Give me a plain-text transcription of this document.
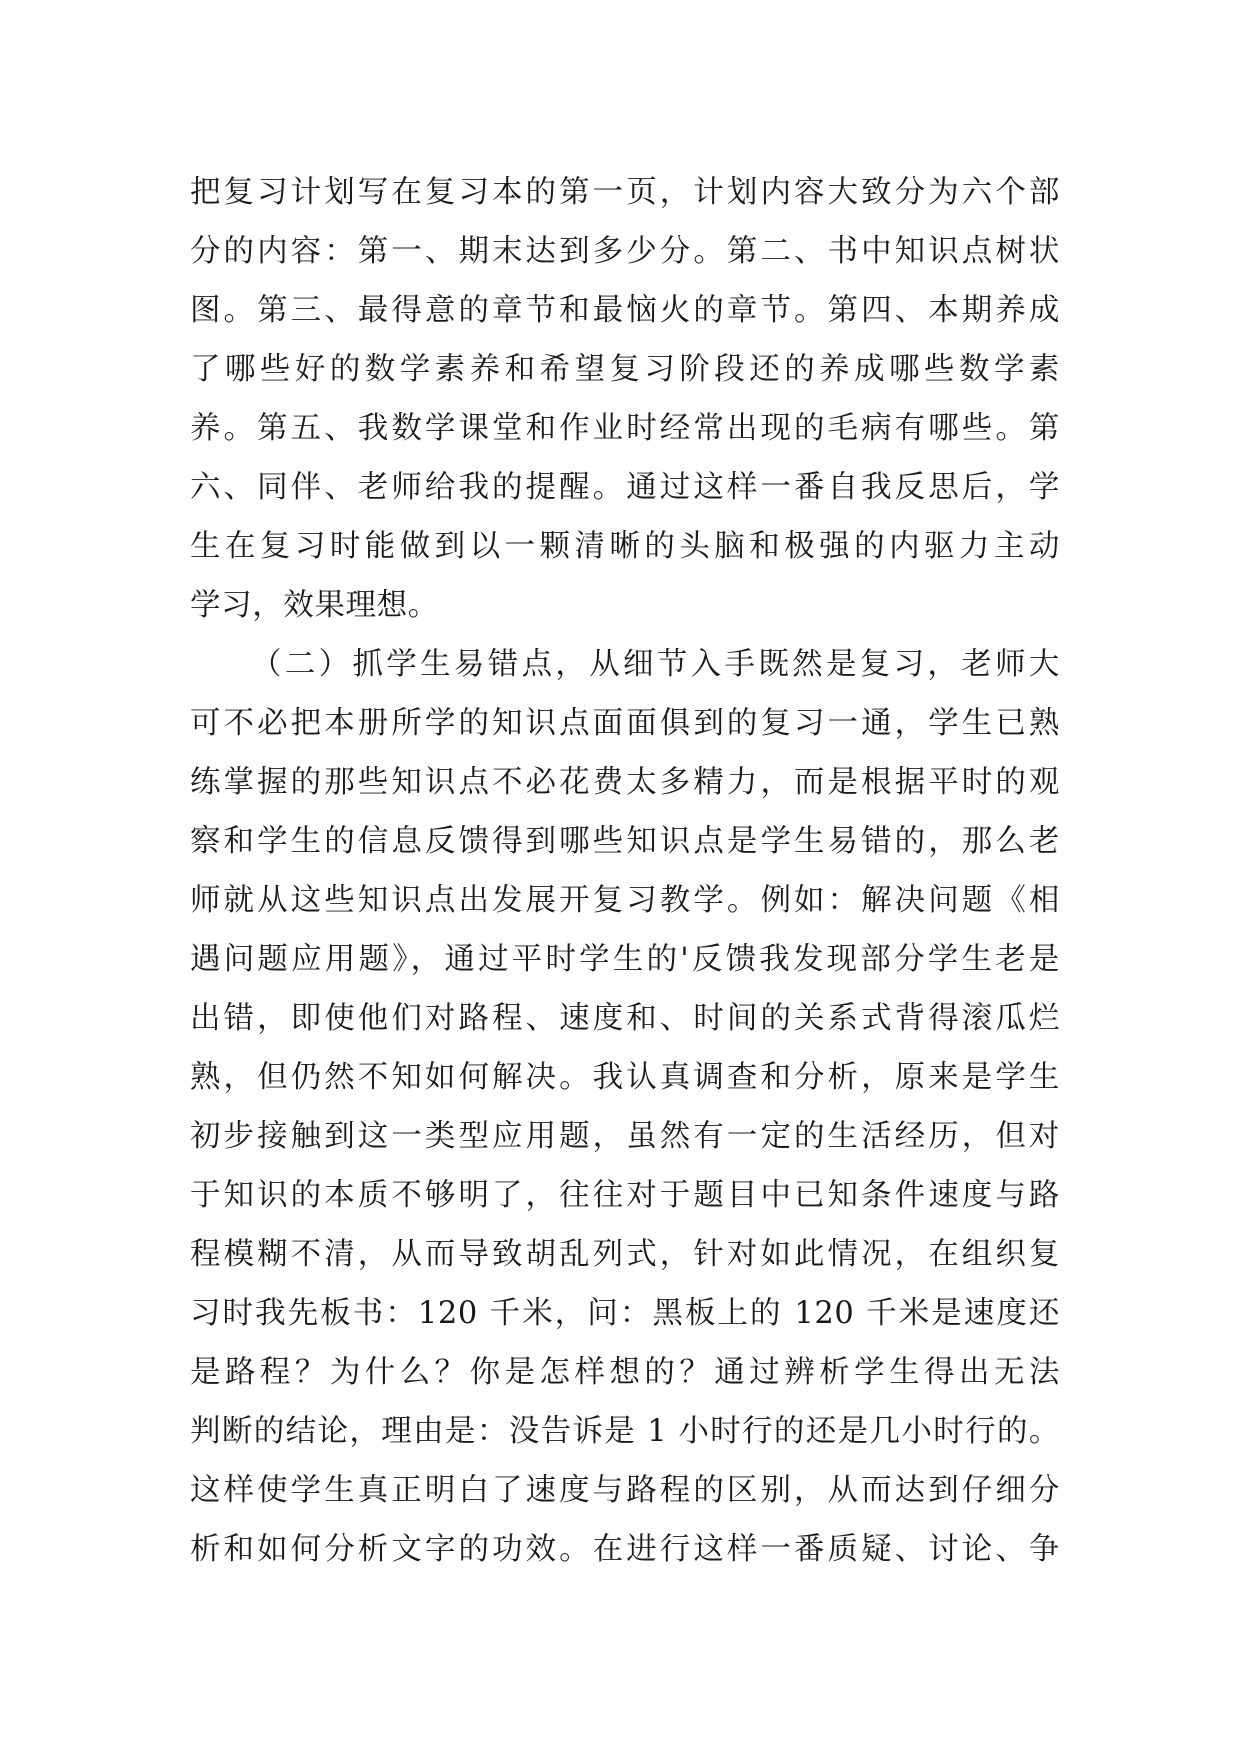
把复习计划写在复习本的第一页，计划内容大致分为六个部
分的内容：第一、期末达到多少分。第二、书中知识点树状
图。第三、最得意的章节和最恼火的章节。第四、本期养成
了哪些好的数学素养和希望复习阶段还的养成哪些数学素
养。第五、我数学课堂和作业时经常出现的毛病有哪些。第
六、同伴、老师给我的提醒。通过这样一番自我反思后，学
生在复习时能做到以一颗清晰的头脑和极强的内驱力主动
学习，效果理想。
（二）抓学生易错点，从细节入手既然是复习，老师大
可不必把本册所学的知识点面面俱到的复习一通，学生已熟
练掌握的那些知识点不必花费太多精力，而是根据平时的观
察和学生的信息反馈得到哪些知识点是学生易错的，那么老
师就从这些知识点出发展开复习教学。例如：解决问题《相
遇问题应用题》，通过平时学生的'反馈我发现部分学生老是
出错，即使他们对路程、速度和、时间的关系式背得滚瓜烂
熟，但仍然不知如何解决。我认真调查和分析，原来是学生
初步接触到这一类型应用题，虽然有一定的生活经历，但对
于知识的本质不够明了，往往对于题目中已知条件速度与路
程模糊不清，从而导致胡乱列式，针对如此情况，在组织复
习时我先板书：120 千米，问：黑板上的 120 千米是速度还
是路程？为什么？你是怎样想的？通过辨析学生得出无法
判断的结论，理由是：没告诉是 1 小时行的还是几小时行的。
这样使学生真正明白了速度与路程的区别，从而达到仔细分
析和如何分析文字的功效。在进行这样一番质疑、讨论、争
